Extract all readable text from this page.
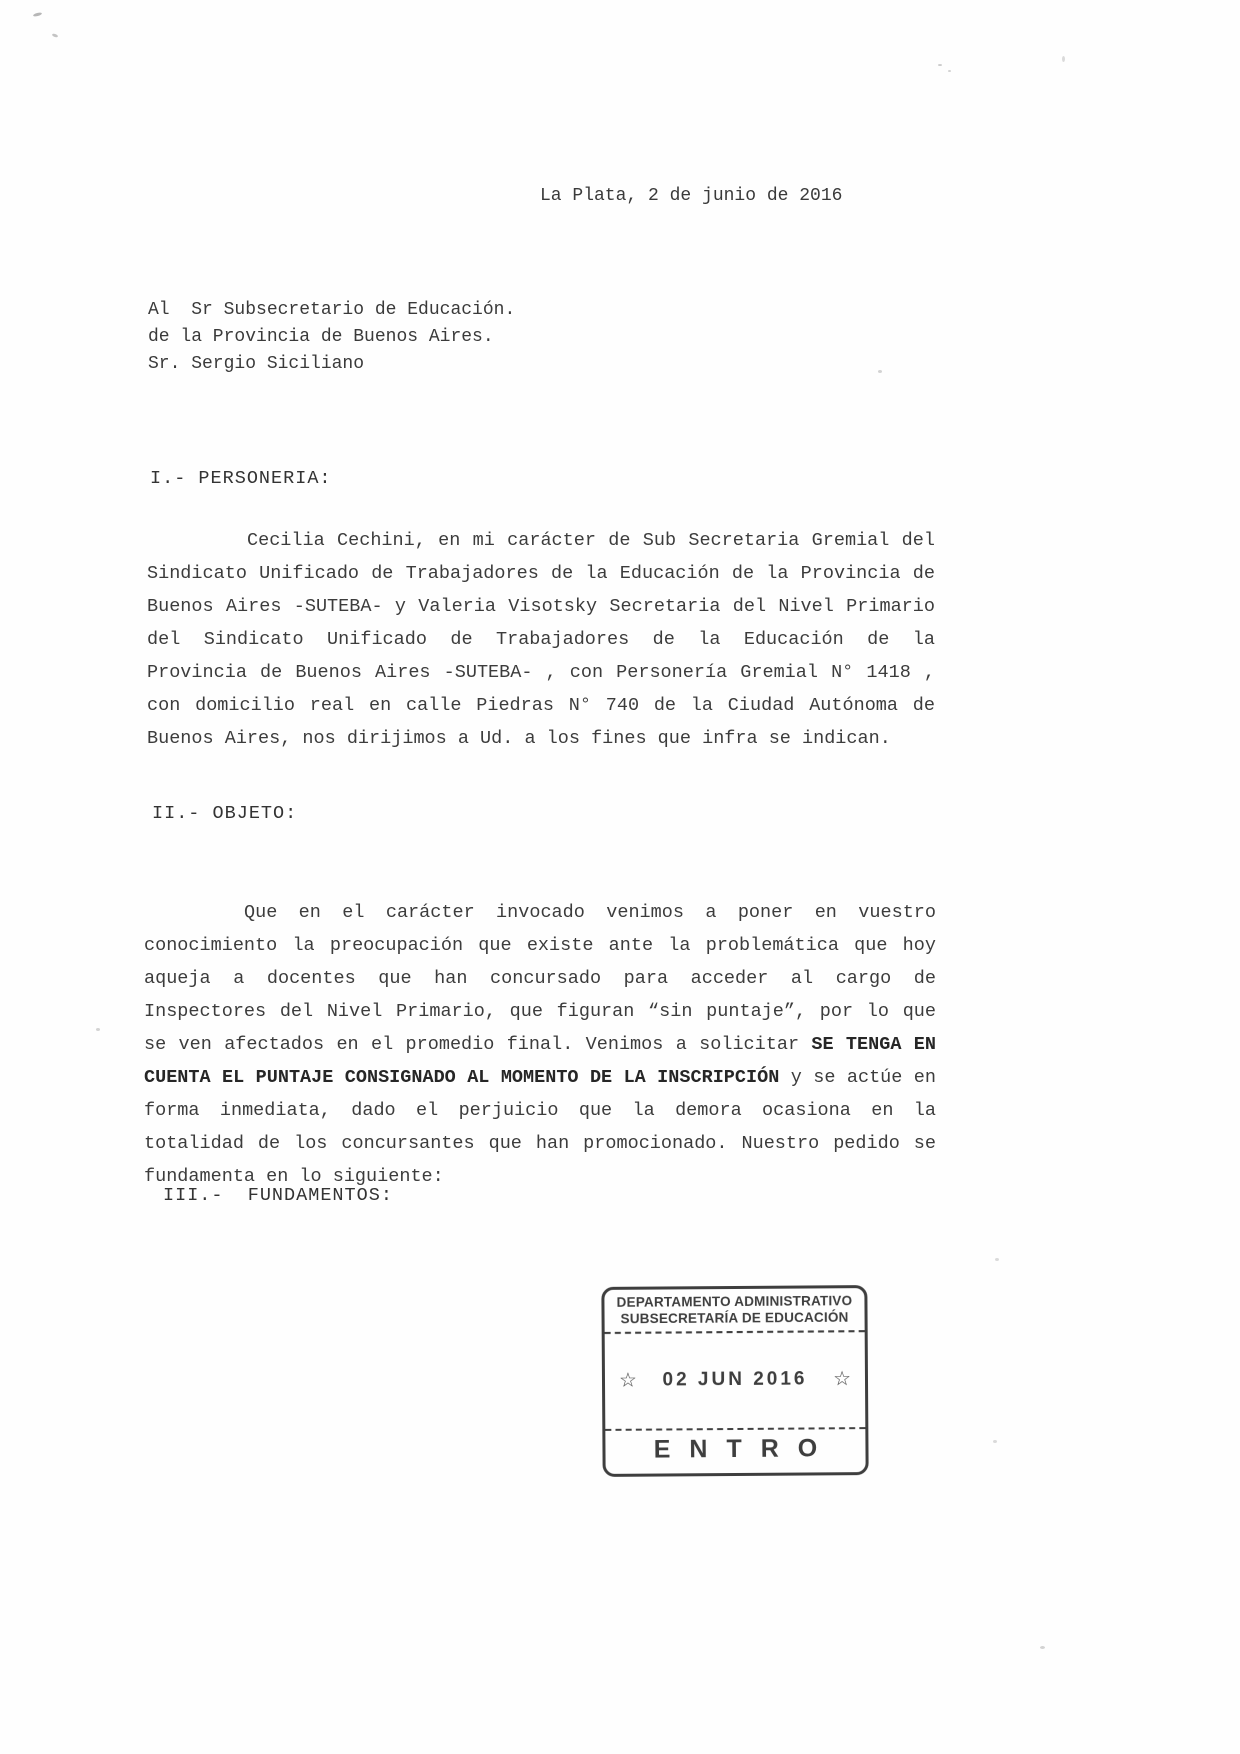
La Plata, 2 de junio de 2016
Al  Sr Subsecretario de Educación.
de la Provincia de Buenos Aires.
Sr. Sergio Siciliano
I.- PERSONERIA:

Cecilia Cechini, en mi carácter de Sub Secretaria Gremial del Sindicato Unificado de Trabajadores de la Educación de la Provincia de Buenos Aires -SUTEBA- y Valeria Visotsky Secretaria del Nivel Primario del Sindicato Unificado de Trabajadores de la Educación de la Provincia de Buenos Aires -SUTEBA- , con Personería Gremial N° 1418 , con domicilio real en calle Piedras N° 740 de la Ciudad Autónoma de Buenos Aires, nos dirijimos a Ud. a los fines que infra se indican.

II.- OBJETO:

Que en el carácter invocado venimos a poner en vuestro conocimiento la preocupación que existe ante la problemática que hoy aqueja a docentes que han concursado para acceder al cargo de Inspectores del Nivel Primario, que figuran “sin puntaje”, por lo que se ven afectados en el promedio final. Venimos a solicitar SE TENGA EN CUENTA EL PUNTAJE CONSIGNADO AL MOMENTO DE LA INSCRIPCIÓN y se actúe en forma inmediata, dado el perjuicio que la demora ocasiona en la totalidad de los concursantes que han promocionado. Nuestro pedido se fundamenta en lo siguiente:

III.-  FUNDAMENTOS:
DEPARTAMENTO ADMINISTRATIVO
SUBSECRETARÍA DE EDUCACIÓN
☆	02 JUN 2016	☆
ENTRO
